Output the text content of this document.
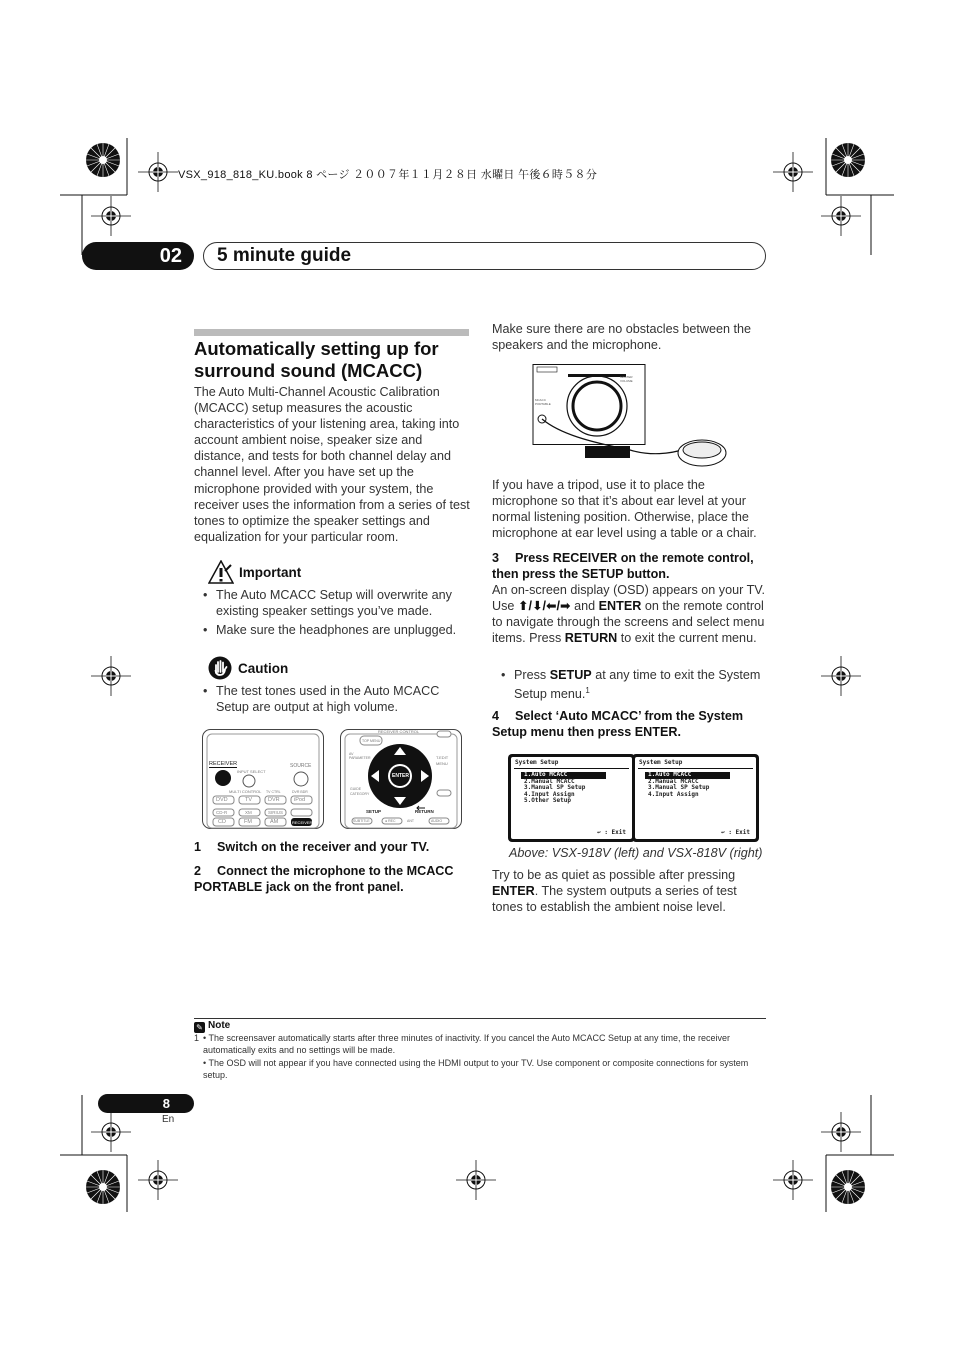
VSX_918_818_KU.book 8 ページ ２００７年１１月２８日 水曜日 午後６時５８分
02	5 minute guide
Automatically setting up for surround sound (MCACC)
The Auto Multi-Channel Acoustic Calibration (MCACC) setup measures the acoustic characteristics of your listening area, taking into account ambient noise, speaker size and distance, and tests for both channel delay and channel level. After you have set up the microphone provided with your system, the receiver uses the information from a series of test tones to optimize the speaker settings and equalization for your particular room.
Important
• The Auto MCACC Setup will overwrite any existing speaker settings you’ve made.
• Make sure the headphones are unplugged.
Caution
• The test tones used in the Auto MCACC Setup are output at high volume.
RECEIVER
INPUT SELECT
SOURCE
MULTI CONTROL TV CTRL	DVR BDR
DVD	TV	DVR	iPod
CD-R	XM	SIRIUS
CD	FM	AM	RECEIVER
RECEIVER CONTROL
TOP MENU
AV PARAMETER	T.EDIT
MENU
ENTER
GUIDE
CATEGORY
SETUP	RETURN
SUBTITLE	● REC	ANT	AUDIO
1 Switch on the receiver and your TV.
2 Connect the microphone to the MCACC PORTABLE jack on the front panel.
Make sure there are no obstacles between the speakers and the microphone.
MCACC PORTABLE
MASTER VOLUME
If you have a tripod, use it to place the microphone so that it’s about ear level at your normal listening position. Otherwise, place the microphone at ear level using a table or a chair.
3 Press RECEIVER on the remote control, then press the SETUP button.
An on-screen display (OSD) appears on your TV. Use ⬆/⬇/⬅/➡ and ENTER on the remote control to navigate through the screens and select menu items. Press RETURN to exit the current menu.
• Press SETUP at any time to exit the System Setup menu.$^1$
4 Select ‘Auto MCACC’ from the System Setup menu then press ENTER.
System Setup
1.Auto MCACC
2.Manual MCACC
3.Manual SP Setup
4.Input Assign
5.Other Setup
↩ : Exit
System Setup
1.Auto MCACC
2.Manual MCACC
3.Manual SP Setup
4.Input Assign
↩ : Exit
Above: VSX-918V (left) and VSX-818V (right)
Try to be as quiet as possible after pressing ENTER. The system outputs a series of test tones to establish the ambient noise level.
✎ Note
1 • The screensaver automatically starts after three minutes of inactivity. If you cancel the Auto MCACC Setup at any time, the receiver automatically exits and no settings will be made.
• The OSD will not appear if you have connected using the HDMI output to your TV. Use component or composite connections for system setup.
8
En
